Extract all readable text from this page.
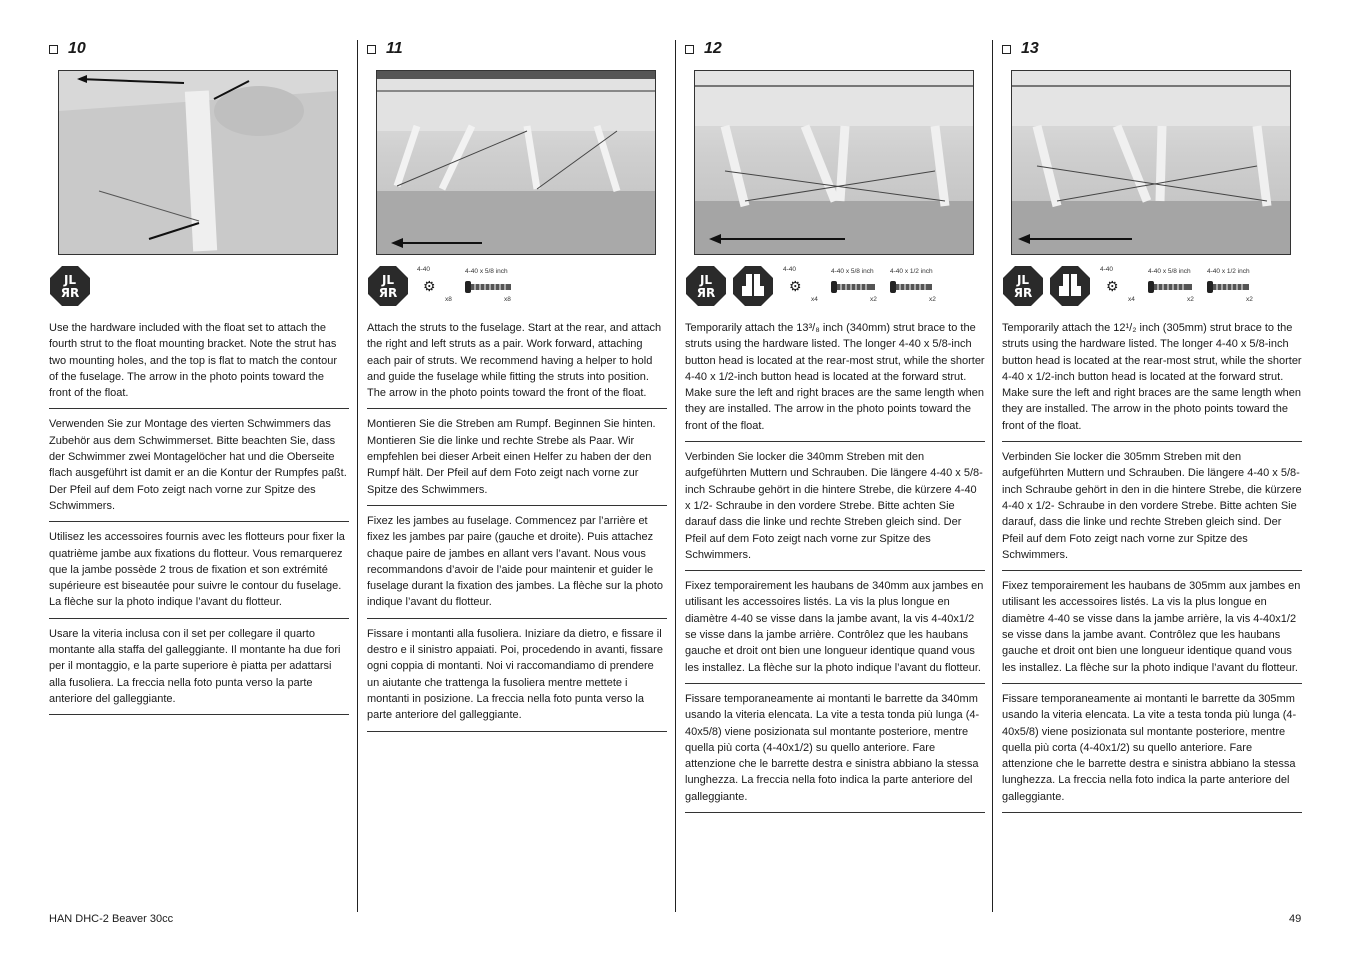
10
JL
ЯR
Use the hardware included with the float set to attach the fourth strut to the float mounting bracket. Note the strut has two mounting holes, and the top is flat to match the contour of the fuselage. The arrow in the photo points toward the front of the float.
Verwenden Sie zur Montage des vierten Schwimmers das Zubehör aus dem Schwimmerset. Bitte beachten Sie, dass der Schwimmer zwei Montagelöcher hat und die Oberseite flach ausgeführt ist damit er an die Kontur der Rumpfes paßt. Der Pfeil auf dem Foto zeigt nach vorne zur Spitze des Schwimmers.
Utilisez les accessoires fournis avec les flotteurs pour fixer la quatrième jambe aux fixations du flotteur. Vous remarquerez que la jambe possède 2 trous de fixation et son extrémité supérieure est biseautée pour suivre le contour du fuselage. La flèche sur la photo indique l’avant du flotteur.
Usare la viteria inclusa con il set per collegare il quarto montante alla staffa del galleggiante. Il montante ha due fori per il montaggio, e la parte superiore è piatta per adattarsi alla fusoliera. La freccia nella foto punta verso la parte anteriore del galleggiante.
11
JL
ЯR
4-40
⚙
x8
4-40 x 5/8 inch
x8
Attach the struts to the fuselage. Start at the rear, and attach the right and left struts as a pair. Work forward, attaching each pair of struts. We recommend having a helper to hold and guide the fuselage while fitting the struts into position. The arrow in the photo points toward the front of the float.
Montieren Sie die Streben am Rumpf. Beginnen Sie hinten. Montieren Sie die linke und rechte Strebe als Paar. Wir empfehlen bei dieser Arbeit einen Helfer zu haben der den Rumpf hält. Der Pfeil auf dem Foto zeigt nach vorne zur Spitze des Schwimmers.
Fixez les jambes au fuselage. Commencez par l’arrière et fixez les jambes par paire (gauche et droite). Puis attachez chaque paire de jambes en allant vers l’avant. Nous vous recommandons d’avoir de l’aide pour maintenir et guider le fuselage durant la fixation des jambes. La flèche sur la photo indique l’avant du flotteur.
Fissare i montanti alla fusoliera. Iniziare da dietro, e fissare il destro e il sinistro appaiati. Poi, procedendo in avanti, fissare ogni coppia di montanti. Noi vi raccomandiamo di prendere un aiutante che trattenga la fusoliera mentre mettete i montanti in posizione. La freccia nella foto punta verso la parte anteriore del galleggiante.
12
JL
ЯR
4-40
⚙
x4
4-40 x 5/8 inch
x2
4-40 x 1/2 inch
x2
Temporarily attach the 13³/₈ inch (340mm) strut brace to the struts using the hardware listed. The longer 4-40 x 5/8-inch button head is located at the rear-most strut, while the shorter 4-40 x 1/2-inch button head is located at the forward strut. Make sure the left and right braces are the same length when they are installed. The arrow in the photo points toward the front of the float.
Verbinden Sie locker die 340mm Streben mit den aufgeführten Muttern und Schrauben. Die längere 4-40 x 5/8-inch Schraube gehört in die hintere Strebe, die kürzere 4-40 x 1/2- Schraube in den vordere Strebe. Bitte achten Sie darauf dass die linke und rechte Streben gleich sind. Der Pfeil auf dem Foto zeigt nach vorne zur Spitze des Schwimmers.
Fixez temporairement les haubans de 340mm aux jambes en utilisant les accessoires listés. La vis la plus longue en diamètre 4-40 se visse dans la jambe avant, la vis 4-40x1/2 se visse dans la jambe arrière. Contrôlez que les haubans gauche et droit ont bien une longueur identique quand vous les installez. La flèche sur la photo indique l’avant du flotteur.
Fissare temporaneamente ai montanti le barrette da 340mm usando la viteria elencata. La vite a testa tonda più lunga (4-40x5/8) viene posizionata sul montante posteriore, mentre quella più corta (4-40x1/2) su quello anteriore. Fare attenzione che le barrette destra e sinistra abbiano la stessa lunghezza. La freccia nella foto indica la parte anteriore del galleggiante.
13
JL
ЯR
4-40
⚙
x4
4-40 x 5/8 inch
x2
4-40 x 1/2 inch
x2
Temporarily attach the 12¹/₂ inch (305mm) strut brace to the struts using the hardware listed. The longer 4-40 x 5/8-inch button head is located at the rear-most strut, while the shorter 4-40 x 1/2-inch button head is located at the forward strut. Make sure the left and right braces are the same length when they are installed. The arrow in the photo points toward the front of the float.
Verbinden Sie locker die 305mm Streben mit den aufgeführten Muttern und Schrauben. Die längere 4-40 x 5/8-inch Schraube gehört in den in die hintere Strebe, die kürzere 4-40 x 1/2- Schraube in den vordere Strebe. Bitte achten Sie darauf, dass die linke und rechte Streben gleich sind. Der Pfeil auf dem Foto zeigt nach vorne zur Spitze des Schwimmers.
Fixez temporairement les haubans de 305mm aux jambes en utilisant les accessoires listés. La vis la plus longue en diamètre 4-40 se visse dans la jambe arrière, la vis 4-40x1/2 se visse dans la jambe avant. Contrôlez que les haubans gauche et droit ont bien une longueur identique quand vous les installez. La flèche sur la photo indique l’avant du flotteur.
Fissare temporaneamente ai montanti le barrette da 305mm usando la viteria elencata. La vite a testa tonda più lunga (4-40x5/8) viene posizionata sul montante posteriore, mentre quella più corta (4-40x1/2) su quello anteriore. Fare attenzione che le barrette destra e sinistra abbiano la stessa lunghezza. La freccia nella foto indica la parte anteriore del galleggiante.
HAN DHC-2 Beaver 30cc	49
